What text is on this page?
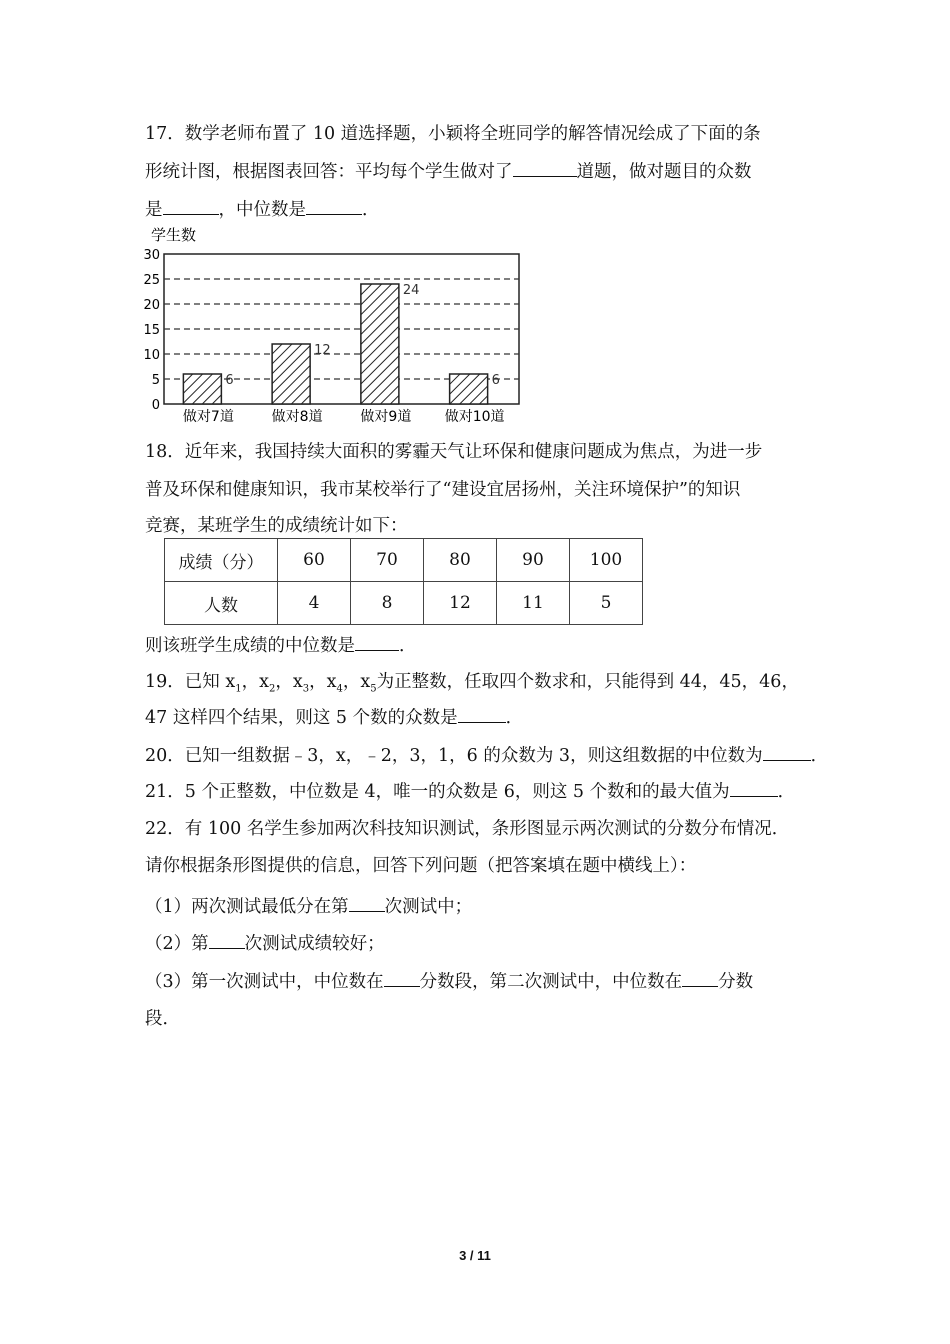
17．数学老师布置了 10 道选择题，小颖将全班同学的解答情况绘成了下面的条
形统计图，根据图表回答：平均每个学生做对了	道题，做对题目的众数
是	，中位数是	．
学生数
0
5
10
15
20
25
30
6
12
24
6
做对7道	做对8道	做对9道 做对10道
18．近年来，我国持续大面积的雾霾天气让环保和健康问题成为焦点，为进一步
普及环保和健康知识，我市某校举行了“建设宜居扬州，关注环境保护”的知识
竞赛，某班学生的成绩统计如下：
成绩（分）	60	70	80	90	100
人数	4	8	12	11	5
则该班学生成绩的中位数是	．
19．已知 $x_1$，$x_2$，$x_3$，$x_4$，$x_5$为正整数，任取四个数求和，只能得到 44，45，46，
47 这样四个结果，则这 5 个数的众数是	．
20．已知一组数据﹣3，x，﹣2，3，1，6 的众数为 3，则这组数据的中位数为	．
21．5 个正整数，中位数是 4，唯一的众数是 6，则这 5 个数和的最大值为	．
22．有 100 名学生参加两次科技知识测试，条形图显示两次测试的分数分布情况．
请你根据条形图提供的信息，回答下列问题（把答案填在题中横线上）：
（1）两次测试最低分在第 次测试中；
（2）第 次测试成绩较好；
（3）第一次测试中，中位数在 分数段，第二次测试中，中位数在 分数
段．
3 / 11
